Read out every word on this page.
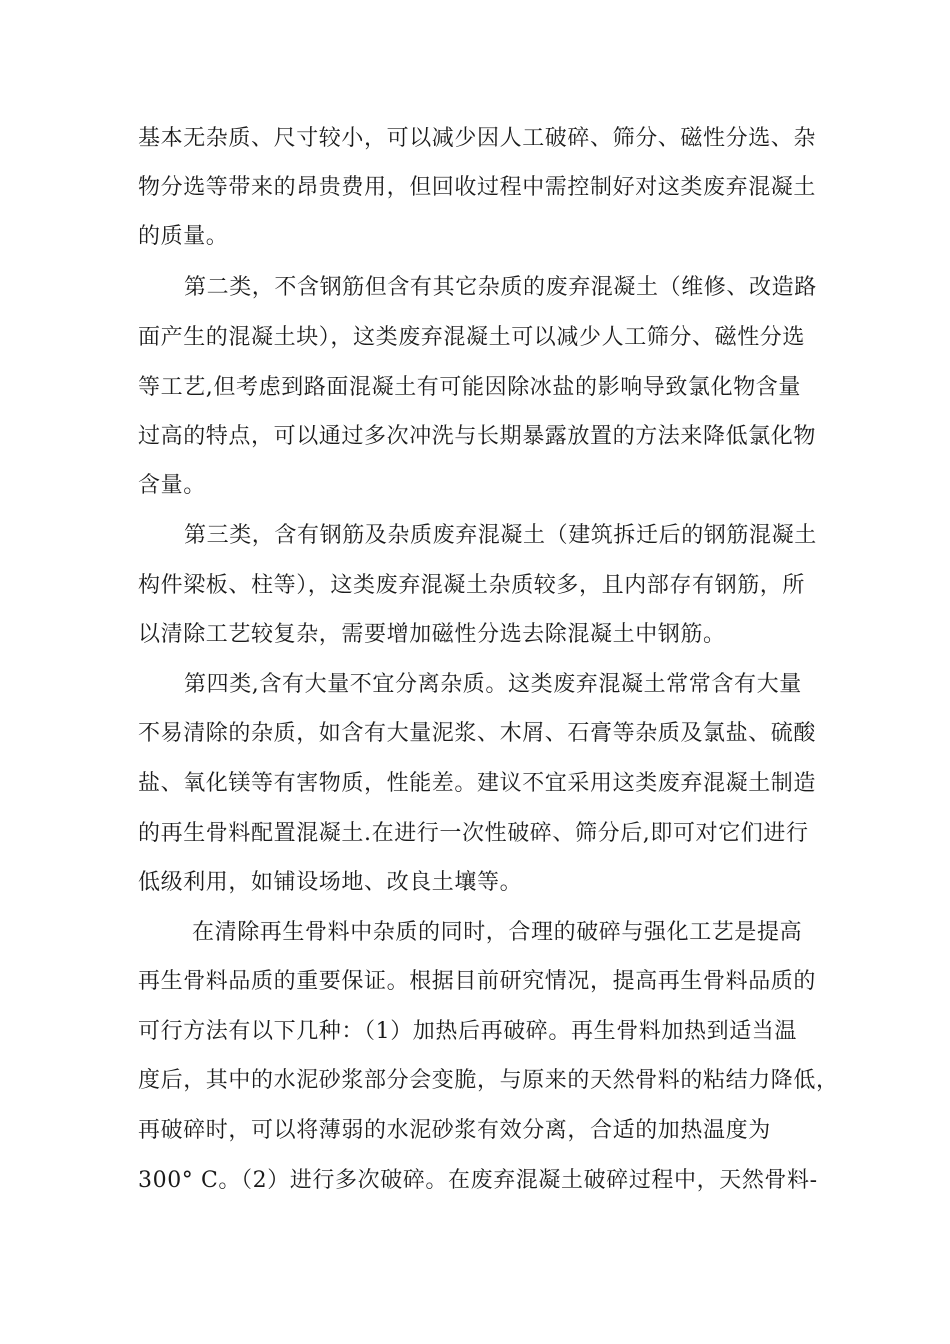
基本无杂质、尺寸较小，可以减少因人工破碎、筛分、磁性分选、杂
物分选等带来的昂贵费用，但回收过程中需控制好对这类废弃混凝土
的质量。
第二类，不含钢筋但含有其它杂质的废弃混凝土（维修、改造路
面产生的混凝土块），这类废弃混凝土可以减少人工筛分、磁性分选
等工艺,但考虑到路面混凝土有可能因除冰盐的影响导致氯化物含量
过高的特点，可以通过多次冲洗与长期暴露放置的方法来降低氯化物
含量。
第三类，含有钢筋及杂质废弃混凝土（建筑拆迁后的钢筋混凝土
构件梁板、柱等），这类废弃混凝土杂质较多，且内部存有钢筋，所
以清除工艺较复杂，需要增加磁性分选去除混凝土中钢筋。
第四类,含有大量不宜分离杂质。这类废弃混凝土常常含有大量
不易清除的杂质，如含有大量泥浆、木屑、石膏等杂质及氯盐、硫酸
盐、氧化镁等有害物质，性能差。建议不宜采用这类废弃混凝土制造
的再生骨料配置混凝土.在进行一次性破碎、筛分后,即可对它们进行
低级利用，如铺设场地、改良土壤等。
在清除再生骨料中杂质的同时，合理的破碎与强化工艺是提高
再生骨料品质的重要保证。根据目前研究情况，提高再生骨料品质的
可行方法有以下几种：（1）加热后再破碎。再生骨料加热到适当温
度后，其中的水泥砂浆部分会变脆，与原来的天然骨料的粘结力降低，
再破碎时，可以将薄弱的水泥砂浆有效分离，合适的加热温度为
300° C。（2）进行多次破碎。在废弃混凝土破碎过程中，天然骨料-
